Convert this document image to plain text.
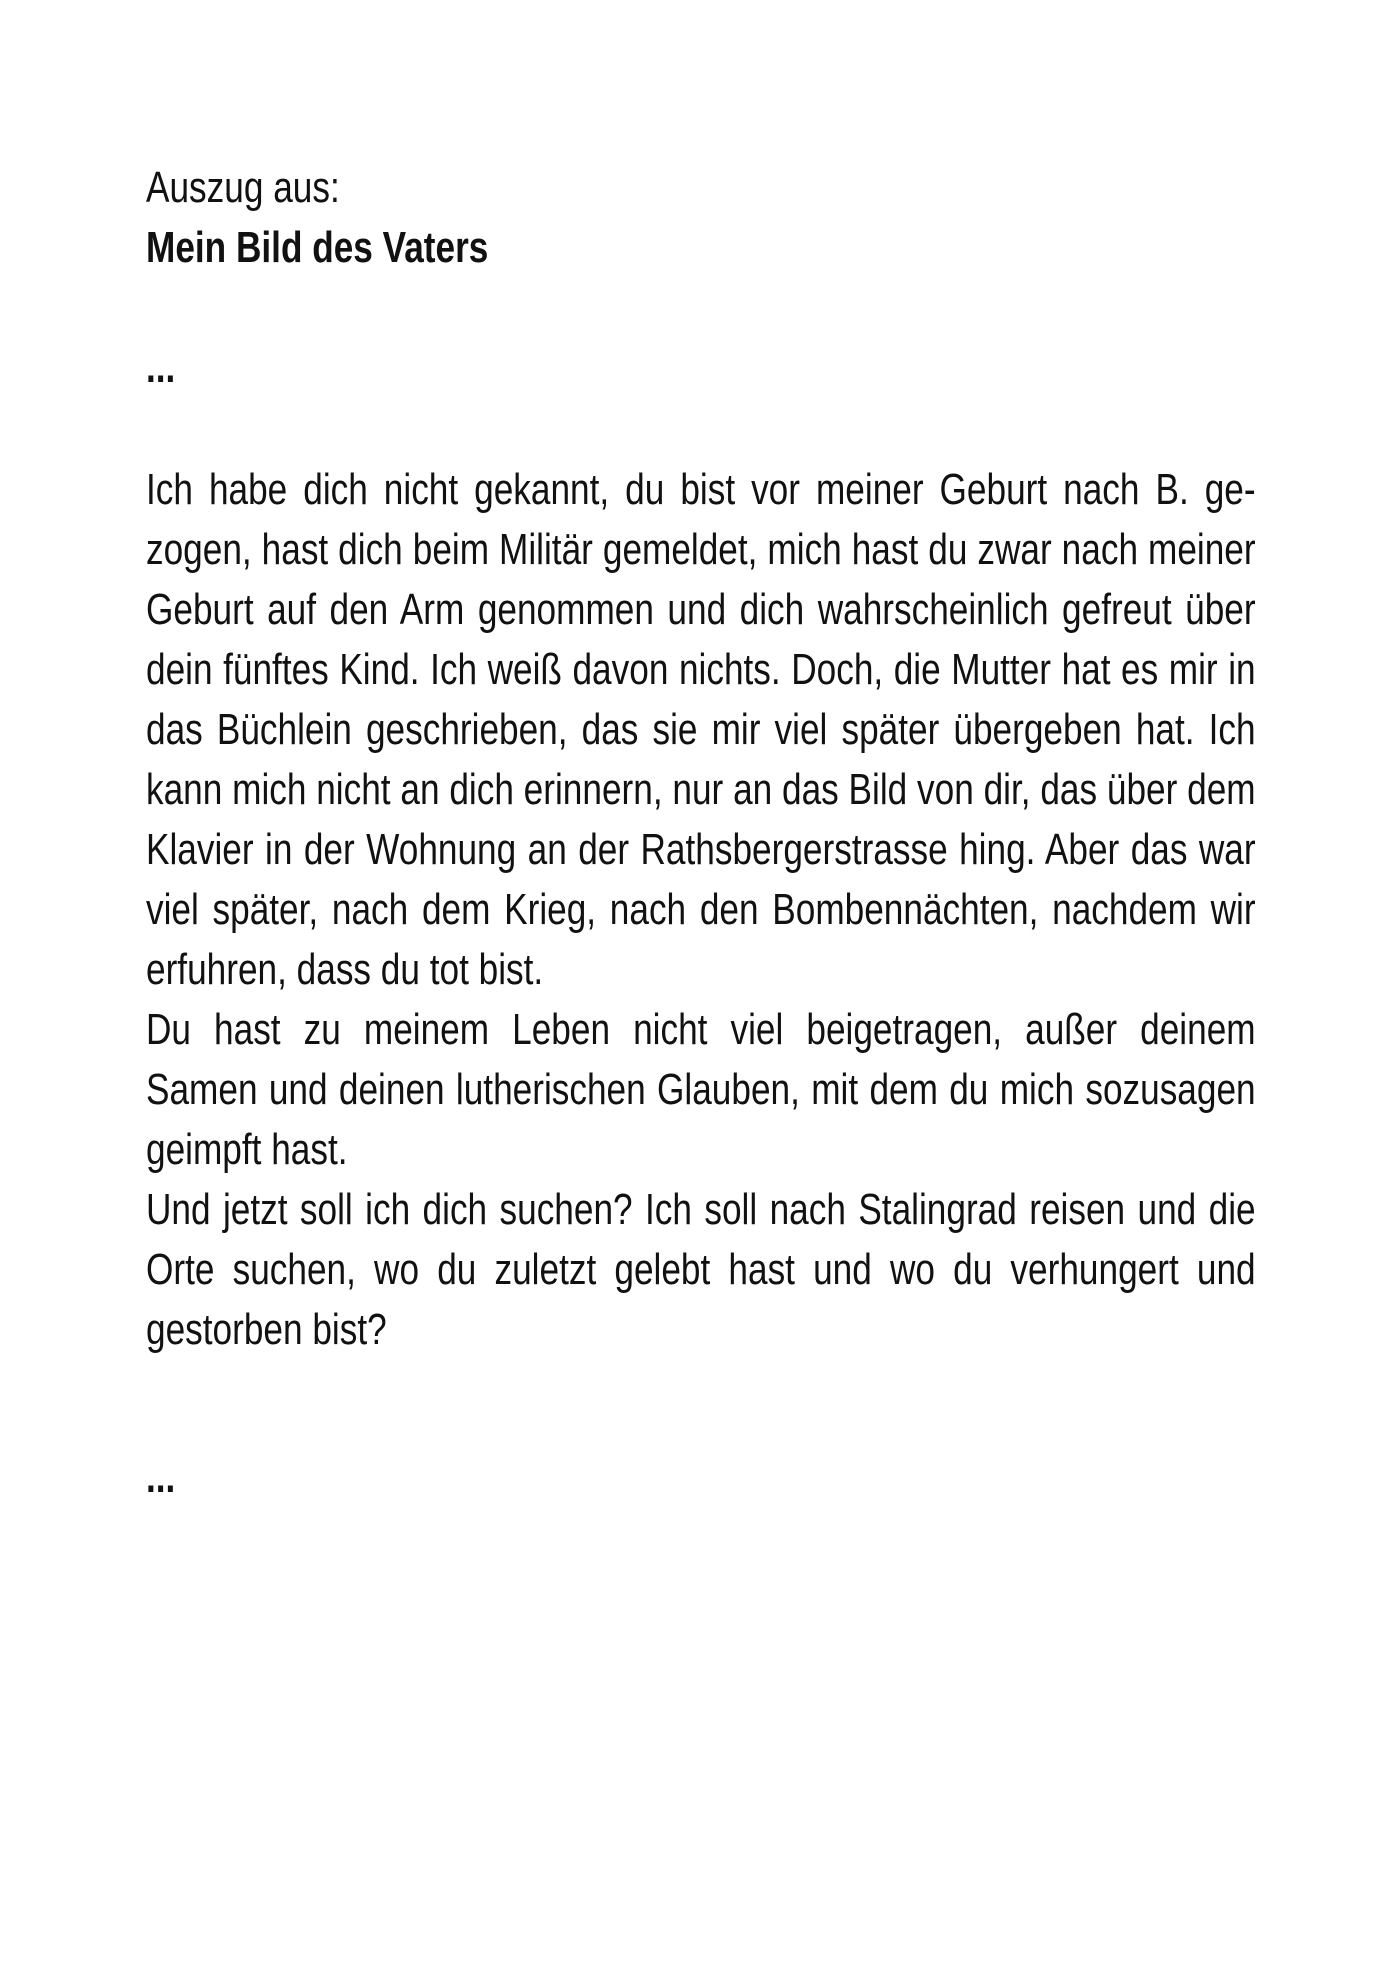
Auszug aus:

Mein Bild des Vaters

...

Ich habe dich nicht gekannt, du bist vor meiner Geburt nach B. gezogen, hast dich beim Militär gemeldet, mich hast du zwar nach meiner Geburt auf den Arm genommen und dich wahrscheinlich gefreut über dein fünftes Kind. Ich weiß davon nichts. Doch, die Mutter hat es mir in das Büchlein geschrieben, das sie mir viel später übergeben hat. Ich kann mich nicht an dich erinnern, nur an das Bild von dir, das über dem Klavier in der Wohnung an der Rathsbergerstrasse hing. Aber das war viel später, nach dem Krieg, nach den Bombennächten, nachdem wir erfuhren, dass du tot bist.

Du hast zu meinem Leben nicht viel beigetragen, außer deinem Samen und deinen lutherischen Glauben, mit dem du mich sozusagen geimpft hast.

Und jetzt soll ich dich suchen? Ich soll nach Stalingrad reisen und die Orte suchen, wo du zuletzt gelebt hast und wo du verhungert und gestorben bist?

...
